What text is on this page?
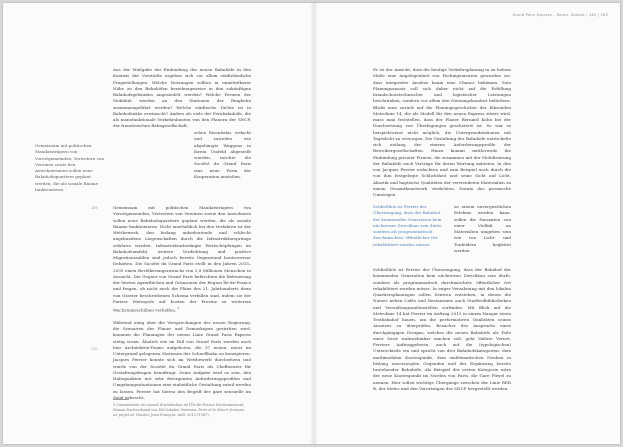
Grand Paris Express – Raum. Gestalt | 182 | 183

Aus der Maßgabe der Einbindung der neuen Bahnhöfe in den Kontext der Vorstädte ergeben sich vor allem städtebauliche Fragestellungen: Welche Nutzungen sollten in unmittelbarer Nähe zu den Bahnhöfen beziehungsweise in den zukünftigen Bahnhofsgebäuden angesiedelt werden? Welche Formen der Mobilität werden an den Stationen der Ringbahn zusammengeführt werden? Welche städtische Dichte ist in Bahnhofsnähe erwünscht? Anders als viele der Fernbahnhöfe, die als monofunktionale Verkehrsbauten von den Planern der SNCF, der französischen Bahngesellschaft,

schen Eisenbahn, erdacht und zuweilen wie abgehängte Waggons in ihrem Umfeld abgestellt wurden, möchte die Société du Grand Paris eine neue Form der Kooperation anstoßen.

Gemeinsam mit politischen Mandatsträgern von Vorortgemeinden, Vertretern von Vereinen sowie den Anwohnerinnen sollen neue Bahnhofsquartiere geplant werden, die als soziale Räume funktionieren.

Gemeinsam mit politischen Mandatsträgern von Vorortgemeinden, Vertretern von Vereinen sowie den Anwohnern sollen neue Bahnhofsquartiere geplant werden, die als soziale Räume funktionieren. Nicht unerheblich bei den Verfahren ist der Wettbewerb, den bislang unbedeutende und schlecht angebundene Liegenschaften durch die Infrastruktursprünge erfahren werden. Infrastrukturbedingte Wertschöpfungen im Bahnhofsumfeld, weitere Verdichtung und positive Migrationssalden sind jedoch bereits Gegenstand kontroverser Debatten. Die Société du Grand Paris stellt in den Jahren 2015–2035 einen Bevölkerungszuwachs von 1,8 Millionen Menschen in Aussicht. Die Gegner von Grand Paris befürchten die Befeuerung der letzten Agrarflächen und Grünzonen der Region Île-de-France und fragen, ob nicht auch die Pläne des 21. Jahrhunderts denn von Gravier beschriebenen Schema verfallen sind, indem sie der Pariser Metropole auf Kosten der Provinz zu weiterem Wachstumsschüben verhelfen. $^5$

Während einig über die Versprechungen der neuen Regierung, die Szenarien der Planer und Demoskopen gestritten wird, kommen die Planungen der neuen Linie Grand Paris Express stetig voran. Ähnlich wie im Fall von Grand Paris werden auch hier Architekten-Teams aufgeboten, die 37 neuen, meist im Untergrund gelegenen Stationen der Schnellbahn zu konzipieren. Jacques Ferrier konnte sich im Wettbewerb durchsetzen und wurde von der Société du Grand Paris als Chefberater für Gestaltungsfragen beauftragt. Seine Aufgabe wird es sein, den Haltepunkten mit sehr divergenten Anforderungsprofilen und Umgebungssituationen eine einheitliche Gestaltung zuteil werden zu lassen. Ferrier hat hierzu den Begriff der gare sensuelle im Spiel gebracht.

169
170

5 Commissaire du conseil d'orientation de l'Île-de-France Environnement, Manon Dachverband von 400 lokalen Vereinen. Paris et le désert français: un projet de Gravier, Jean-François. Aufl. 2013 (1947).

Er ist der Ansicht, dass die heutige Verkehrsplanung in zu hohem Maße eine Angelegenheit von Fachingenieuren geworden sei, dass integrative Ansätze kaum eine Chance bekämen. Sein Planungsansatz soll sich daher nicht auf die Erfüllung brandschutztechnischer und logistischer Leistungen beschränken, sondern vor allem den Nutzungskomfort befördern. Blickt man zurück auf die Planungsgeschichte der führenden Metrolinie 14, die als Modell für den neuen Express zitiert wird, muss man feststellen, dass der Planer Bernard Kohn bei der Durchsetzung von Überlegungen gescheitert ist. So war es beispielsweise nicht möglich, die Untergrundstationen mit Tageslicht zu versorgen. Die Gestaltung der Bahnhöfe entwickelte sich entlang der starren Anforderungsprofile der Betreibergesellschaften. Hinzu kommt mittlerweile die Einbindung privater Firmen, die zusammen mit der Mobilisierung der Bahnhöfe auch Verträge für deren Wartung anbieten. In den von Jacques Ferrier erdachten und zum Beispiel auch durch die von ihm festgelegte Schlichtheit und seine Sicht auf Licht, Akustik und haptische Qualitäten der verwendeten Materialien zu einem Gesamtkunstwerk verdichten. Darum das prosaische Umsteigen

Schließlich ist Ferrier der Überzeugung, dass der Bahnhof der kommenden Generation kein nüchterner Zweckbau sein dürfe, sondern als programmatisch durchmischter, öffentlicher Ort rehabilitiert werden müsse.

zu einem unvergesslichen Erlebnis werden kann, sollen die Passanten von einer Vielfalt an Materialien umgeben sein wie von Licht- und Tonfeldern begleitet werden.

Schließlich ist Ferrier der Überzeugung, dass der Bahnhof der kommenden Generation kein nüchterner Zweckbau sein dürfe, sondern als programmatisch durchmischter, öffentlicher Ort rehabilitiert werden müsse. In enger Verzahnung mit den lokalen Quartiersplanungen sollen Zentren entstehen, in denen die Nutzer neben Cafés und Restaurants auch Stadtteilbibliotheken und Verwaltungsaußenstellen vorfinden. Mit Blick auf die Metrolinie 14 hat Ferrier im Auftrag 2013 in einem Hangar einen Testbahnhof bauen, um die performativen Qualitäten seines Ansatzes zu überprüfen. Besucher des Anspruchs eines durchgängigen Designs, welches die neuen Bahnhöfe als Teile einer Serie wahrnehmbar machen soll, geht Valérie Vernet, Ferriers Auftraggeberin, auch auf die (typologischen) Unterschiede ein und spricht von drei Bahnhofskategorien: dem multimodalen Knotenpunkt, dem emblematischen Neubau in bislang unversorgten Gegenden und der Ergänzung bereits bestehender Bahnhöfe. Als Beispiel der ersten Kategorie wäre der neue Knotenpunkt im Norden von Paris, die Gare Pleyel zu nennen. Hier sollen wichtige Übergänge zwischen der Linie RER B, der Metro und den Vorortzügen der SNCF hergestellt werden.
